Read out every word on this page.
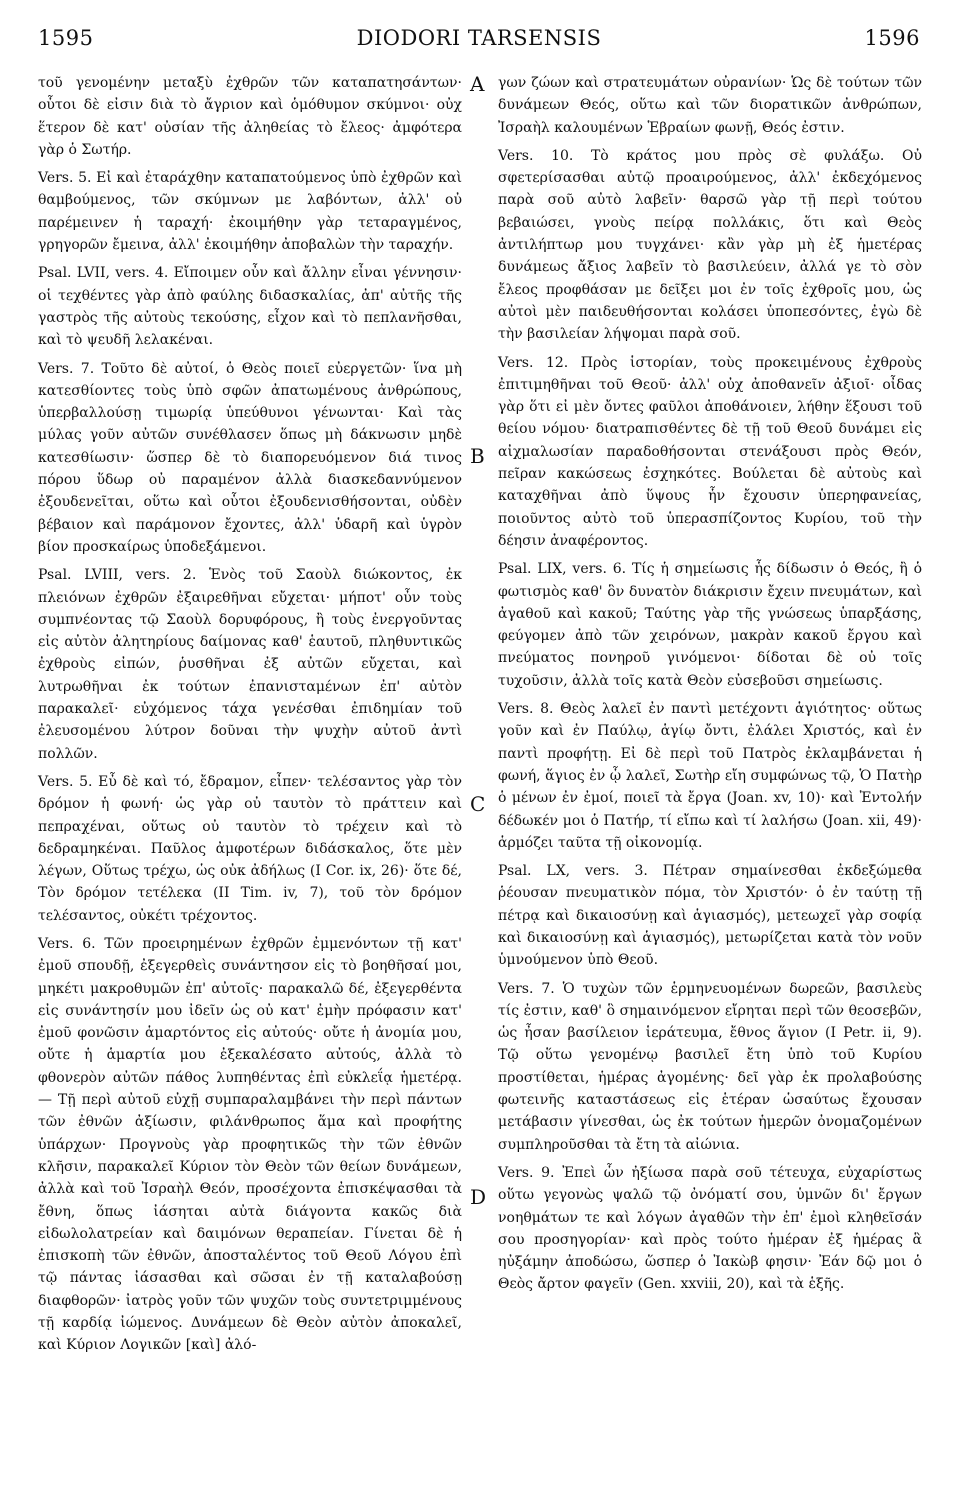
1595	DIODORI TARSENSIS	1596
A
B
C
D

τοῦ γενομένην μεταξὺ ἐχθρῶν τῶν καταπατησάντων· οὗτοι δὲ εἰσιν διὰ τὸ ἄγριον καὶ ὁμόθυμον σκύμνοι· οὐχ ἕτερον δὲ κατ' οὐσίαν τῆς ἀληθείας τὸ ἔλεος· ἀμφότερα γὰρ ὁ Σωτήρ.

Vers. 5. Εἰ καὶ ἐταράχθην καταπατούμενος ὑπὸ ἐχθρῶν καὶ θαμβούμενος, τῶν σκύμνων με λαβόντων, ἀλλ' οὐ παρέμεινεν ἡ ταραχή· ἐκοιμήθην γὰρ τεταραγμένος, γρηγορῶν ἔμεινα, ἀλλ' ἐκοιμήθην ἀποβαλὼν τὴν ταραχήν.

Psal. LVII, vers. 4. Εἴποιμεν οὖν καὶ ἄλλην εἶναι γέννησιν· οἱ τεχθέντες γὰρ ἀπὸ φαύλης διδασκαλίας, ἀπ' αὐτῆς τῆς γαστρὸς τῆς αὐτοὺς τεκούσης, εἶχον καὶ τὸ πεπλανῆσθαι, καὶ τὸ ψευδῆ λελακέναι.

Vers. 7. Τοῦτο δὲ αὐτοί, ὁ Θεὸς ποιεῖ εὐεργετῶν· ἵνα μὴ κατεσθίοντες τοὺς ὑπὸ σφῶν ἀπατωμένους ἀνθρώπους, ὑπερβαλλούσῃ τιμωρίᾳ ὑπεύθυνοι γένωνται· Καὶ τὰς μύλας γοῦν αὐτῶν συνέθλασεν ὅπως μὴ δάκνωσιν μηδὲ κατεσθίωσιν· ὥσπερ δὲ τὸ διαπορευόμενον διά τινος πόρου ὕδωρ οὐ παραμένον ἀλλὰ διασκεδαννύμενον ἐξουδενεῖται, οὕτω καὶ οὗτοι ἐξουδενισθήσονται, οὐδὲν βέβαιον καὶ παράμονον ἔχοντες, ἀλλ' ὑδαρῆ καὶ ὑγρὸν βίον προσκαίρως ὑποδεξάμενοι.

Psal. LVIII, vers. 2. Ἑνὸς τοῦ Σαοὺλ διώκοντος, ἐκ πλειόνων ἐχθρῶν ἐξαιρεθῆναι εὔχεται· μήποτ' οὖν τοὺς συμπνέοντας τῷ Σαοὺλ δορυφόρους, ἢ τοὺς ἐνεργοῦντας εἰς αὐτὸν ἀλητηρίους δαίμονας καθ' ἑαυτοῦ, πληθυντικῶς ἐχθροὺς εἰπών, ῥυσθῆναι ἐξ αὐτῶν εὔχεται, καὶ λυτρωθῆναι ἐκ τούτων ἐπανισταμένων ἐπ' αὐτὸν παρακαλεῖ· εὐχόμενος τάχα γενέσθαι ἐπιδημίαν τοῦ ἐλευσομένου λύτρον δοῦναι τὴν ψυχὴν αὐτοῦ ἀντὶ πολλῶν.

Vers. 5. Εὖ δὲ καὶ τό, ἔδραμον, εἶπεν· τελέσαντος γὰρ τὸν δρόμον ἡ φωνή· ὡς γὰρ οὐ ταυτὸν τὸ πράττειν καὶ πεπραχέναι, οὕτως οὐ ταυτὸν τὸ τρέχειν καὶ τὸ δεδραμηκέναι. Παῦλος ἀμφοτέρων διδάσκαλος, ὅτε μὲν λέγων, Οὕτως τρέχω, ὡς οὐκ ἀδήλως (I Cor. ix, 26)· ὅτε δέ, Τὸν δρόμον τετέλεκα (II Tim. iv, 7), τοῦ τὸν δρόμον τελέσαντος, οὐκέτι τρέχοντος.

Vers. 6. Τῶν προειρημένων ἐχθρῶν ἐμμενόντων τῇ κατ' ἐμοῦ σπουδῇ, ἐξεγερθεὶς συνάντησον εἰς τὸ βοηθῆσαί μοι, μηκέτι μακροθυμῶν ἐπ' αὐτοῖς· παρακαλῶ δέ, ἐξεγερθέντα εἰς συνάντησίν μου ἰδεῖν ὡς οὐ κατ' ἐμὴν πρόφασιν κατ' ἐμοῦ φονῶσιν ἁμαρτόντος εἰς αὐτούς· οὔτε ἡ ἀνομία μου, οὔτε ἡ ἁμαρτία μου ἐξεκαλέσατο αὐτούς, ἀλλὰ τὸ φθονερὸν αὐτῶν πάθος λυπηθέντας ἐπὶ εὐκλεΐᾳ ἡμετέρᾳ. — Τῇ περὶ αὐτοῦ εὐχῇ συμπαραλαμβάνει τὴν περὶ πάντων τῶν ἐθνῶν ἀξίωσιν, φιλάνθρωπος ἅμα καὶ προφήτης ὑπάρχων· Προγνοὺς γὰρ προφητικῶς τὴν τῶν ἐθνῶν κλῆσιν, παρακαλεῖ Κύριον τὸν Θεὸν τῶν θείων δυνάμεων, ἀλλὰ καὶ τοῦ Ἰσραὴλ Θεόν, προσέχοντα ἐπισκέψασθαι τὰ ἔθνη, ὅπως ἰάσηται αὐτὰ διάγοντα κακῶς διὰ εἰδωλολατρείαν καὶ δαιμόνων θεραπείαν. Γίνεται δὲ ἡ ἐπισκοπὴ τῶν ἐθνῶν, ἀποσταλέντος τοῦ Θεοῦ Λόγου ἐπὶ τῷ πάντας ἰάσασθαι καὶ σῶσαι ἐν τῇ καταλαβούσῃ διαφθορῶν· ἰατρὸς γοῦν τῶν ψυχῶν τοὺς συντετριμμένους τῇ καρδίᾳ ἰώμενος. Δυνάμεων δὲ Θεὸν αὐτὸν ἀποκαλεῖ, καὶ Κύριον Λογικῶν [καὶ] ἀλό-

γων ζώων καὶ στρατευμάτων οὐρανίων· Ὡς δὲ τούτων τῶν δυνάμεων Θεός, οὕτω καὶ τῶν διορατικῶν ἀνθρώπων, Ἰσραὴλ καλουμένων Ἑβραίων φωνῇ, Θεός ἐστιν.

Vers. 10. Τὸ κράτος μου πρὸς σὲ φυλάξω. Οὐ σφετερίσασθαι αὐτῷ προαιρούμενος, ἀλλ' ἐκδεχόμενος παρὰ σοῦ αὐτὸ λαβεῖν· θαρσῶ γὰρ τῇ περὶ τούτου βεβαιώσει, γνοὺς πείρᾳ πολλάκις, ὅτι καὶ Θεὸς ἀντιλήπτωρ μου τυγχάνει· κἂν γὰρ μὴ ἐξ ἡμετέρας δυνάμεως ἄξιος λαβεῖν τὸ βασιλεύειν, ἀλλά γε τὸ σὸν ἔλεος προφθάσαν με δεῖξει μοι ἐν τοῖς ἐχθροῖς μου, ὡς αὐτοὶ μὲν παιδευθήσονται κολάσει ὑποπεσόντες, ἐγὼ δὲ τὴν βασιλείαν λήψομαι παρὰ σοῦ.

Vers. 12. Πρὸς ἱστορίαν, τοὺς προκειμένους ἐχθροὺς ἐπιτιμηθῆναι τοῦ Θεοῦ· ἀλλ' οὐχ ἀποθανεῖν ἀξιοῖ· οἶδας γὰρ ὅτι εἰ μὲν ὄντες φαῦλοι ἀποθάνοιεν, λήθην ἕξουσι τοῦ θείου νόμου· διατραπισθέντες δὲ τῇ τοῦ Θεοῦ δυνάμει εἰς αἰχμαλωσίαν παραδοθήσονται στενάξουσι πρὸς Θεόν, πεῖραν κακώσεως ἐσχηκότες. Βούλεται δὲ αὐτοὺς καὶ καταχθῆναι ἀπὸ ὕψους ἧν ἔχουσιν ὑπερηφανείας, ποιοῦντος αὐτὸ τοῦ ὑπερασπίζοντος Κυρίου, τοῦ τὴν δέησιν ἀναφέροντος.

Psal. LIX, vers. 6. Τίς ἡ σημείωσις ἧς δίδωσιν ὁ Θεός, ἢ ὁ φωτισμὸς καθ' ὃν δυνατὸν διάκρισιν ἔχειν πνευμάτων, καὶ ἀγαθοῦ καὶ κακοῦ; Ταύτης γὰρ τῆς γνώσεως ὑπαρξάσης, φεύγομεν ἀπὸ τῶν χειρόνων, μακρὰν κακοῦ ἔργου καὶ πνεύματος πονηροῦ γινόμενοι· δίδοται δὲ οὐ τοῖς τυχοῦσιν, ἀλλὰ τοῖς κατὰ Θεὸν εὐσεβοῦσι σημείωσις.

Vers. 8. Θεὸς λαλεῖ ἐν παντὶ μετέχοντι ἁγιότητος· οὕτως γοῦν καὶ ἐν Παύλῳ, ἁγίῳ ὄντι, ἐλάλει Χριστός, καὶ ἐν παντὶ προφήτῃ. Εἰ δὲ περὶ τοῦ Πατρὸς ἐκλαμβάνεται ἡ φωνή, ἅγιος ἐν ᾧ λαλεῖ, Σωτὴρ εἴη συμφώνως τῷ, Ὁ Πατὴρ ὁ μένων ἐν ἐμοί, ποιεῖ τὰ ἔργα (Joan. xv, 10)· καὶ Ἐντολήν δέδωκέν μοι ὁ Πατήρ, τί εἴπω καὶ τί λαλήσω (Joan. xii, 49)· ἁρμόζει ταῦτα τῇ οἰκονομίᾳ.

Psal. LX, vers. 3. Πέτραν σημαίνεσθαι ἐκδεξώμεθα ῥέουσαν πνευματικὸν πόμα, τὸν Χριστόν· ὁ ἐν ταύτῃ τῇ πέτρᾳ καὶ δικαιοσύνῃ καὶ ἁγιασμός), μετεωχεῖ γὰρ σοφίᾳ καὶ δικαιοσύνῃ καὶ ἁγιασμός), μετωρίζεται κατὰ τὸν νοῦν ὑμνούμενον ὑπὸ Θεοῦ.

Vers. 7. Ὁ τυχὼν τῶν ἑρμηνευομένων δωρεῶν, βασιλεὺς τίς ἐστιν, καθ' ὃ σημαινόμενον εἴρηται περὶ τῶν θεοσεβῶν, ὡς ἦσαν βασίλειον ἱεράτευμα, ἔθνος ἅγιον (I Petr. ii, 9). Τῷ οὕτω γενομένῳ βασιλεῖ ἔτη ὑπὸ τοῦ Κυρίου προστίθεται, ἡμέρας ἀγομένης· δεῖ γὰρ ἐκ προλαβούσης φωτεινῆς καταστάσεως εἰς ἑτέραν ὡσαύτως ἔχουσαν μετάβασιν γίνεσθαι, ὡς ἐκ τούτων ἡμερῶν ὀνομαζομένων συμπληροῦσθαι τὰ ἔτη τὰ αἰώνια.

Vers. 9. Ἐπεὶ ὧν ἠξίωσα παρὰ σοῦ τέτευχα, εὐχαρίστως οὕτω γεγονὼς ψαλῶ τῷ ὀνόματί σου, ὑμνῶν δι' ἔργων νοηθμάτων τε καὶ λόγων ἀγαθῶν τὴν ἐπ' ἐμοὶ κληθεῖσάν σου προσηγορίαν· καὶ πρὸς τούτο ἡμέραν ἐξ ἡμέρας ἃ ηὐξάμην ἀποδώσω, ὥσπερ ὁ Ἰακὼβ φησιν· Ἐάν δῷ μοι ὁ Θεὸς ἄρτον φαγεῖν (Gen. xxviii, 20), καὶ τὰ ἑξῆς.
